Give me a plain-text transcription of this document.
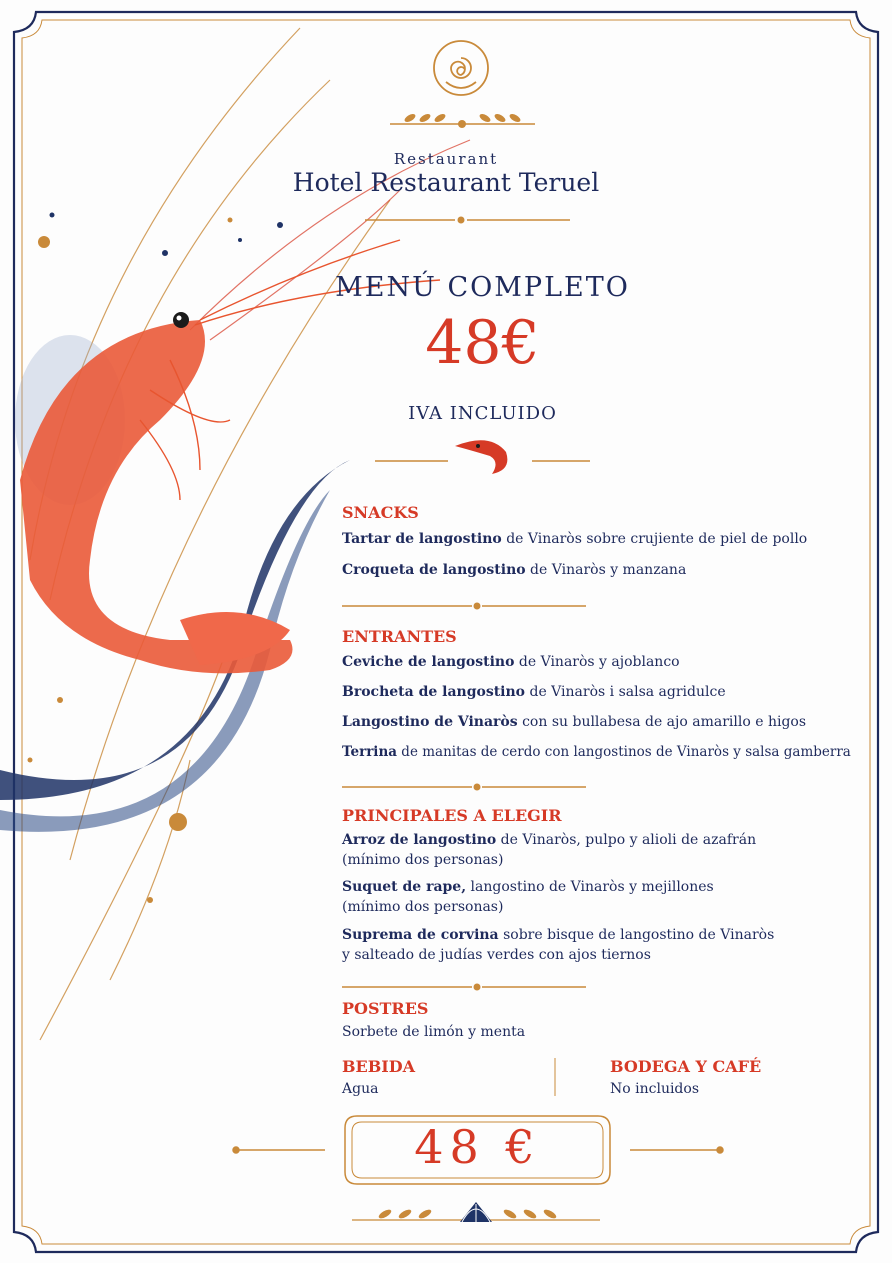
Restaurant
Hotel Restaurant Teruel
MENÚ COMPLETO
48€
IVA INCLUIDO
SNACKS
Tartar de langostino de Vinaròs sobre crujiente de piel de pollo
Croqueta de langostino de Vinaròs y manzana
ENTRANTES
Ceviche de langostino de Vinaròs y ajoblanco
Brocheta de langostino de Vinaròs i salsa agridulce
Langostino de Vinaròs con su bullabesa de ajo amarillo e higos
Terrina de manitas de cerdo con langostinos de Vinaròs y salsa gamberra
PRINCIPALES A ELEGIR
Arroz de langostino de Vinaròs, pulpo y alioli de azafrán
(mínimo dos personas)
Suquet de rape, langostino de Vinaròs y mejillones
(mínimo dos personas)
Suprema de corvina sobre bisque de langostino de Vinaròs
y salteado de judías verdes con ajos tiernos
POSTRES
Sorbete de limón y menta
BEBIDA
Agua
BODEGA Y CAFÉ
No incluidos
48 €
